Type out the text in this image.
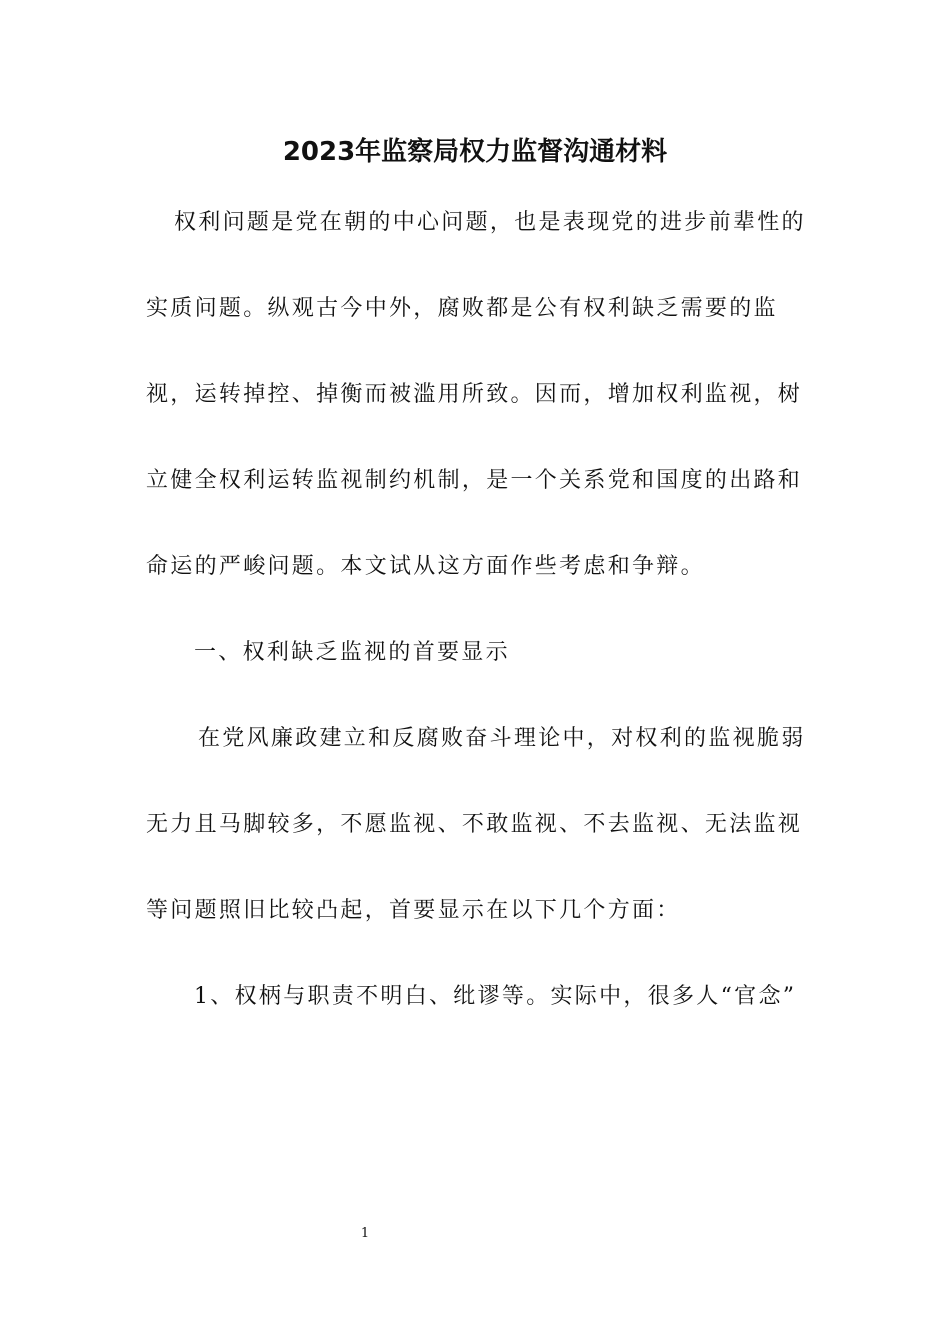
2023年监察局权力监督沟通材料
权利问题是党在朝的中心问题，也是表现党的进步前辈性的
实质问题。纵观古今中外，腐败都是公有权利缺乏需要的监
视，运转掉控、掉衡而被滥用所致。因而，增加权利监视，树
立健全权利运转监视制约机制，是一个关系党和国度的出路和
命运的严峻问题。本文试从这方面作些考虑和争辩。
一、权利缺乏监视的首要显示
在党风廉政建立和反腐败奋斗理论中，对权利的监视脆弱
无力且马脚较多，不愿监视、不敢监视、不去监视、无法监视
等问题照旧比较凸起，首要显示在以下几个方面：
1、权柄与职责不明白、纰谬等。实际中，很多人“官念”
1
